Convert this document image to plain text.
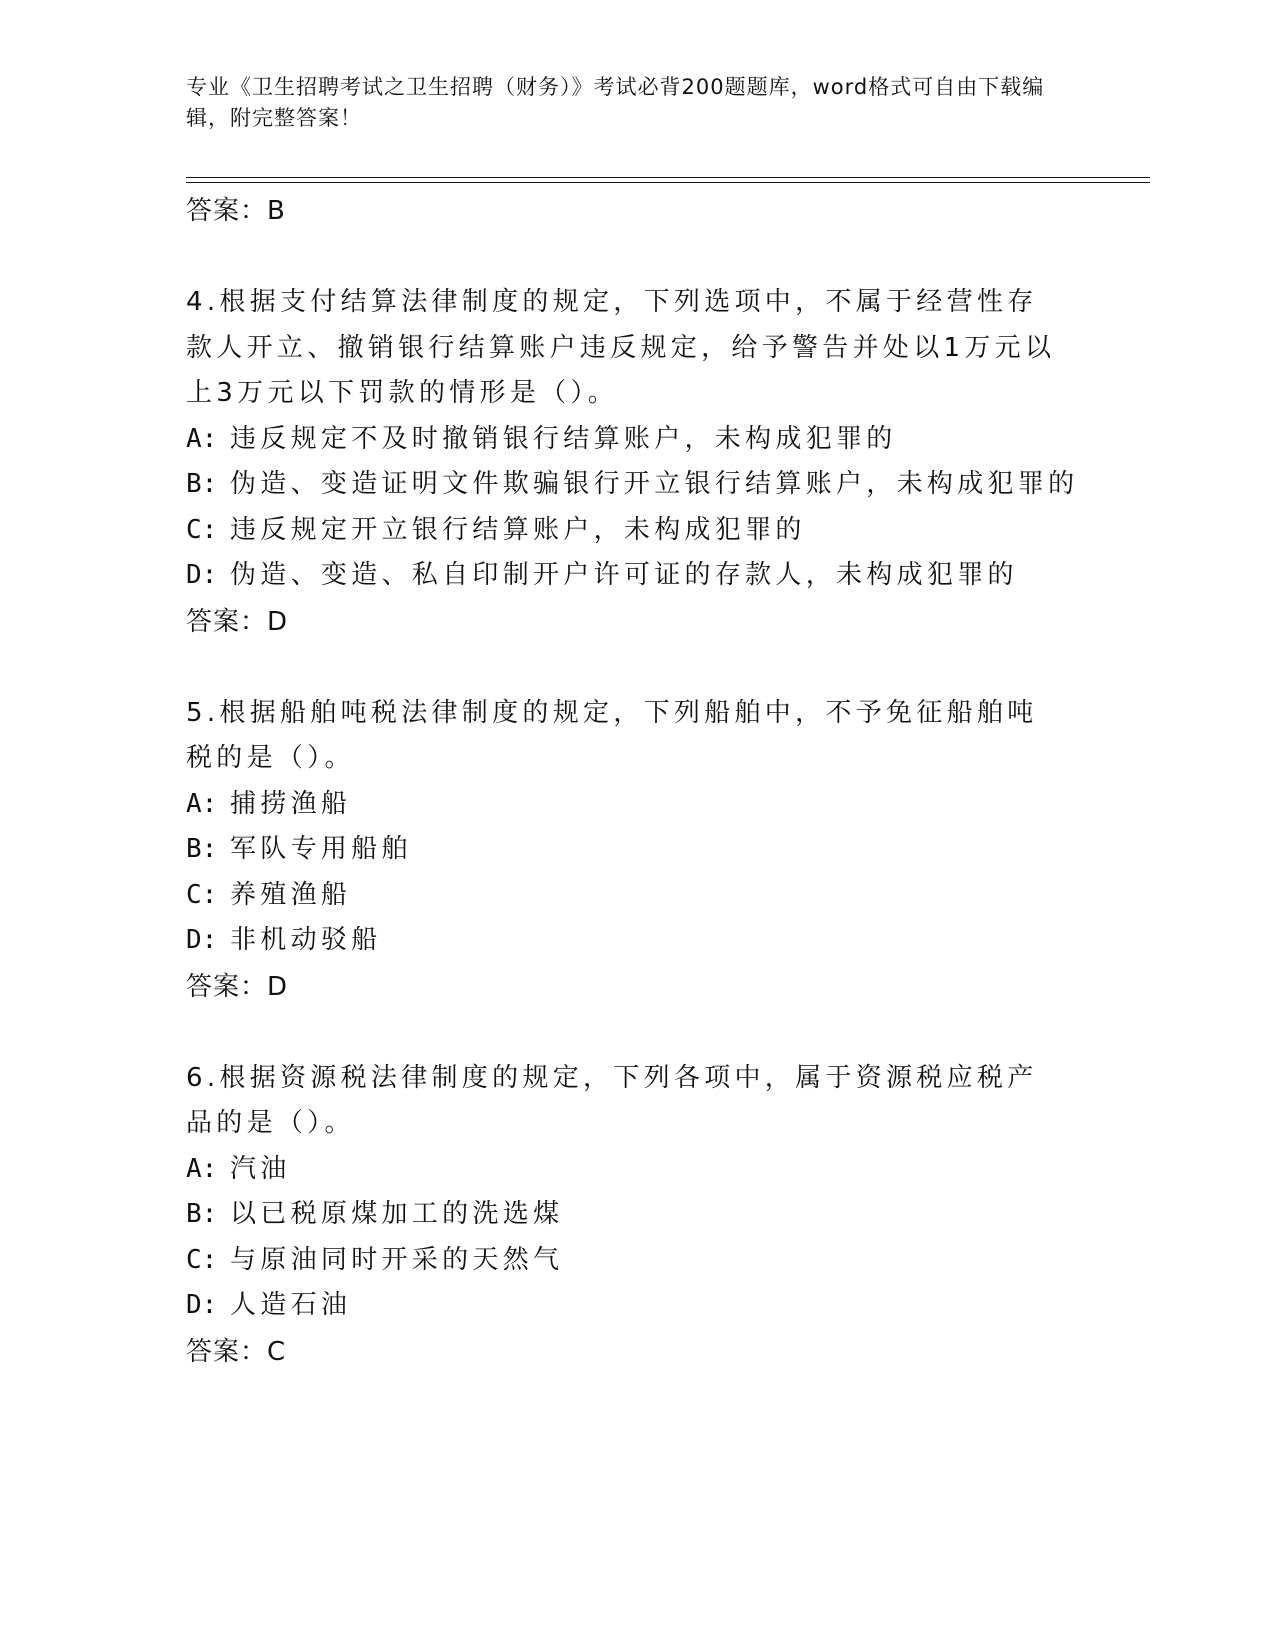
专业《卫生招聘考试之卫生招聘（财务）》考试必背200题题库，word格式可自由下载编辑，附完整答案！
答案：B
4.根据支付结算法律制度的规定，下列选项中，不属于经营性存款人开立、撤销银行结算账户违反规定，给予警告并处以1万元以上3万元以下罚款的情形是（）。
A: 违反规定不及时撤销银行结算账户，未构成犯罪的
B: 伪造、变造证明文件欺骗银行开立银行结算账户，未构成犯罪的
C: 违反规定开立银行结算账户，未构成犯罪的
D: 伪造、变造、私自印制开户许可证的存款人，未构成犯罪的
答案：D
5.根据船舶吨税法律制度的规定，下列船舶中，不予免征船舶吨税的是（）。
A: 捕捞渔船
B: 军队专用船舶
C: 养殖渔船
D: 非机动驳船
答案：D
6.根据资源税法律制度的规定，下列各项中，属于资源税应税产品的是（）。
A: 汽油
B: 以已税原煤加工的洗选煤
C: 与原油同时开采的天然气
D: 人造石油
答案：C
